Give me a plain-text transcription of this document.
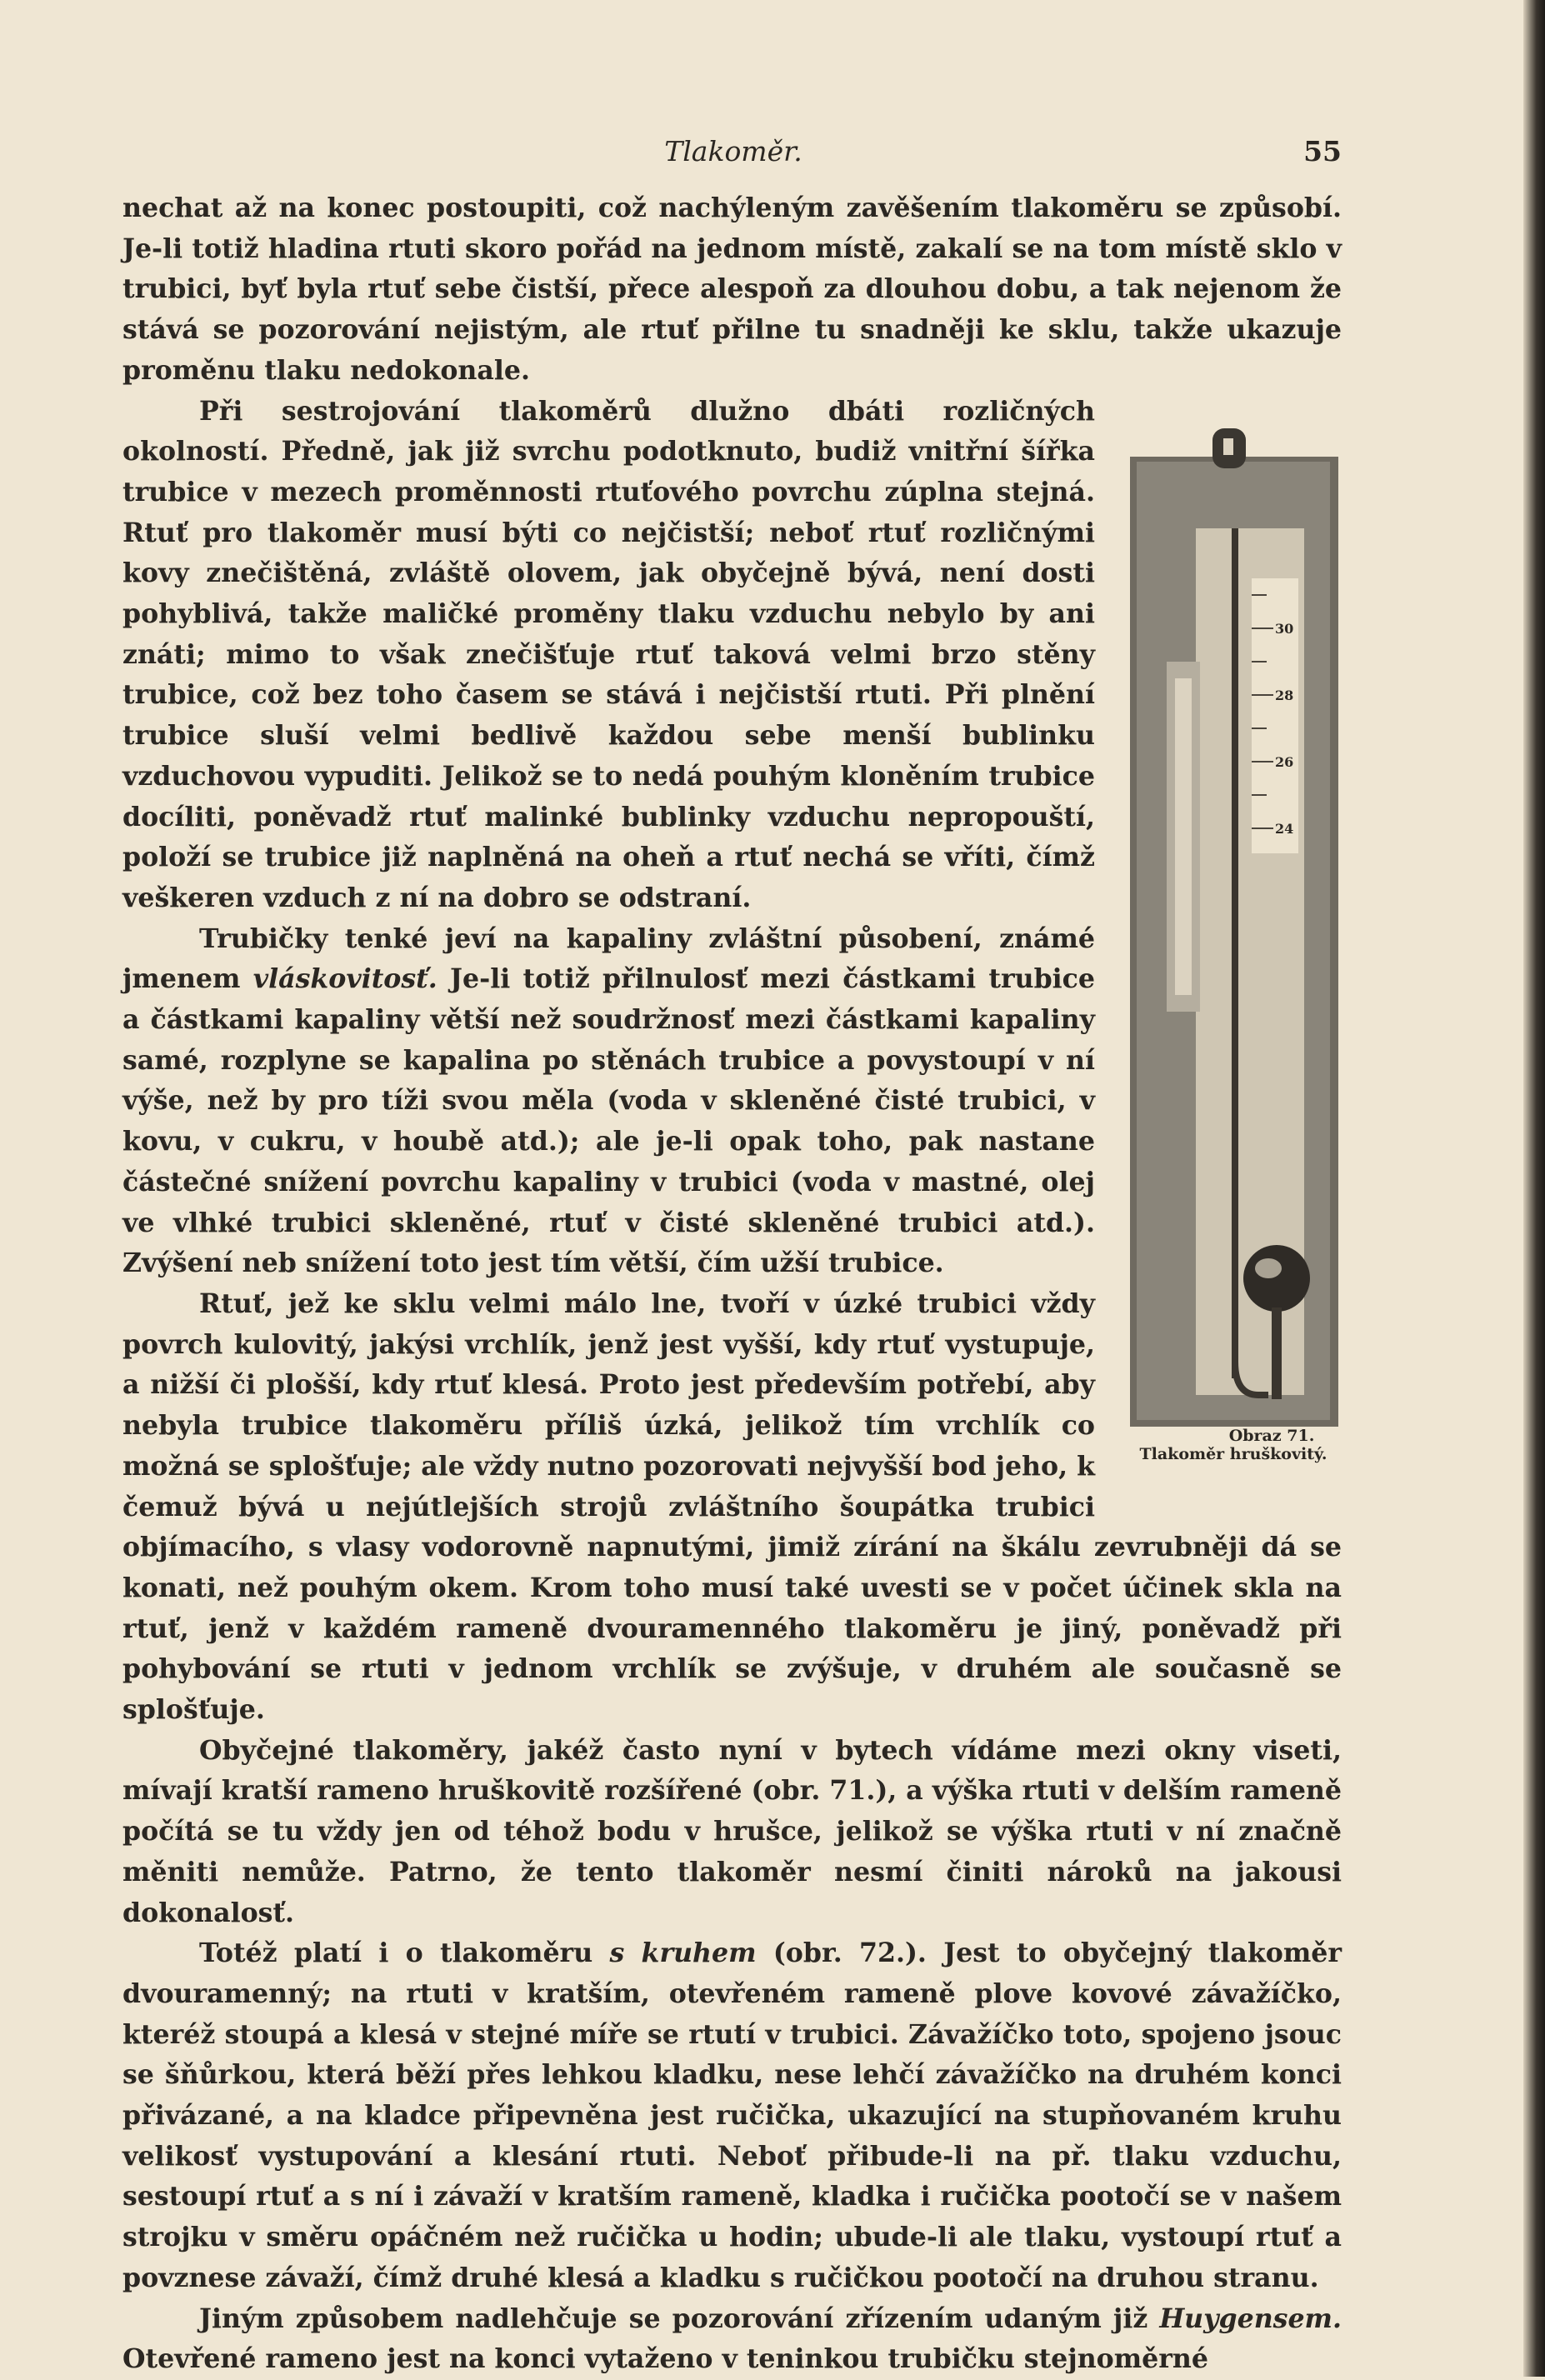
Tlakoměr.	55

nechat až na konec postoupiti, což nachýleným zavěšením tlakoměru se způsobí. Je-li totiž hladina rtuti skoro pořád na jednom místě, zakalí se na tom místě sklo v trubici, byť byla rtuť sebe čistší, přece alespoň za dlouhou dobu, a tak nejenom že stává se pozorování nejistým, ale rtuť přilne tu snadněji ke sklu, takže ukazuje proměnu tlaku nedokonale.

30
28
26
24
Obraz 71. Tlakoměr hruškovitý.
Při sestrojování tlakoměrů dlužno dbáti rozličných okolností. Předně, jak již svrchu podotknuto, budiž vnitřní šířka trubice v mezech proměnnosti rtuťového povrchu zúplna stejná. Rtuť pro tlakoměr musí býti co nejčistší; neboť rtuť rozličnými kovy znečištěná, zvláště olovem, jak obyčejně bývá, není dosti pohyblivá, takže maličké proměny tlaku vzduchu nebylo by ani znáti; mimo to však znečišťuje rtuť taková velmi brzo stěny trubice, což bez toho časem se stává i nejčistší rtuti. Při plnění trubice sluší velmi bedlivě každou sebe menší bublinku vzduchovou vypuditi. Jelikož se to nedá pouhým kloněním trubice docíliti, poněvadž rtuť malinké bublinky vzduchu nepropouští, položí se trubice již naplněná na oheň a rtuť nechá se vříti, čímž veškeren vzduch z ní na dobro se odstraní.

Trubičky tenké jeví na kapaliny zvláštní působení, známé jmenem vláskovitosť. Je-li totiž přilnulosť mezi částkami trubice a částkami kapaliny větší než soudržnosť mezi částkami kapaliny samé, rozplyne se kapalina po stěnách trubice a povystoupí v ní výše, než by pro tíži svou měla (voda v skleněné čisté trubici, v kovu, v cukru, v houbě atd.); ale je-li opak toho, pak nastane částečné snížení povrchu kapaliny v trubici (voda v mastné, olej ve vlhké trubici skleněné, rtuť v čisté skleněné trubici atd.). Zvýšení neb snížení toto jest tím větší, čím užší trubice.

Rtuť, jež ke sklu velmi málo lne, tvoří v úzké trubici vždy povrch kulovitý, jakýsi vrchlík, jenž jest vyšší, kdy rtuť vystupuje, a nižší či plošší, kdy rtuť klesá. Proto jest především potřebí, aby nebyla trubice tlakoměru příliš úzká, jelikož tím vrchlík co možná se splošťuje; ale vždy nutno pozorovati nejvyšší bod jeho, k čemuž bývá u nejútlejších strojů zvláštního šoupátka trubici objímacího, s vlasy vodorovně napnutými, jimiž zírání na škálu zevrubněji dá se konati, než pouhým okem. Krom toho musí také uvesti se v počet účinek skla na rtuť, jenž v každém rameně dvouramenného tlakoměru je jiný, poněvadž při pohybování se rtuti v jednom vrchlík se zvýšuje, v druhém ale současně se splošťuje.

Obyčejné tlakoměry, jakéž často nyní v bytech vídáme mezi okny viseti, mívají kratší rameno hruškovitě rozšířené (obr. 71.), a výška rtuti v delším rameně počítá se tu vždy jen od téhož bodu v hrušce, jelikož se výška rtuti v ní značně měniti nemůže. Patrno, že tento tlakoměr nesmí činiti nároků na jakousi dokonalosť.

Totéž platí i o tlakoměru s kruhem (obr. 72.). Jest to obyčejný tlakoměr dvouramenný; na rtuti v kratším, otevřeném rameně plove kovové závažíčko, kteréž stoupá a klesá v stejné míře se rtutí v trubici. Závažíčko toto, spojeno jsouc se šňůrkou, která běží přes lehkou kladku, nese lehčí závažíčko na druhém konci přivázané, a na kladce připevněna jest ručička, ukazující na stupňovaném kruhu velikosť vystupování a klesání rtuti. Neboť přibude-li na př. tlaku vzduchu, sestoupí rtuť a s ní i závaží v kratším rameně, kladka i ručička pootočí se v našem strojku v směru opáčném než ručička u hodin; ubude-li ale tlaku, vystoupí rtuť a povznese závaží, čímž druhé klesá a kladku s ručičkou pootočí na druhou stranu.

Jiným způsobem nadlehčuje se pozorování zřízením udaným již Huygensem. Otevřené rameno jest na konci vytaženo v teninkou trubičku stejnoměrné
